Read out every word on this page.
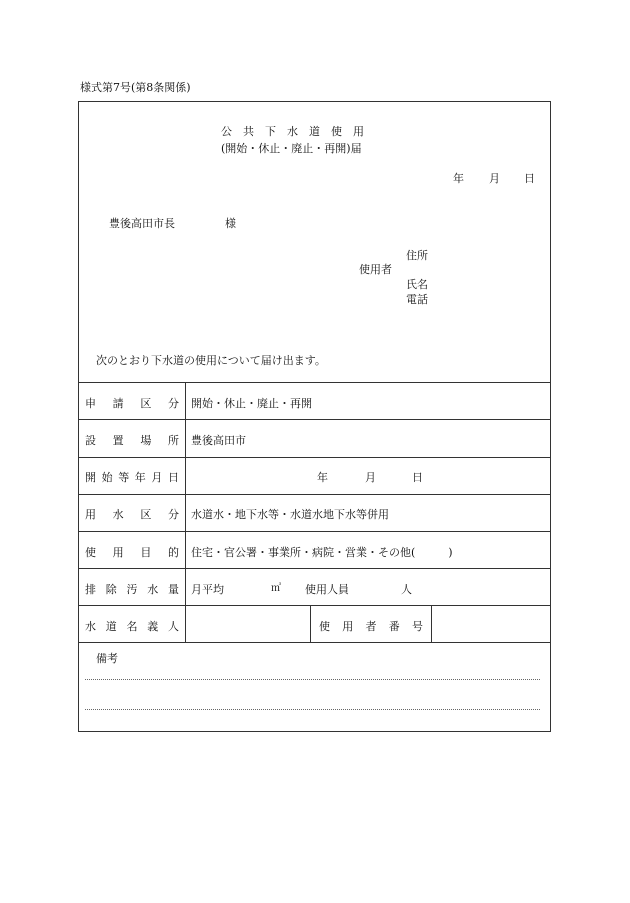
様式第7号(第8条関係)
公　共　下　水　道　使　用
(開始・休止・廃止・再開)届
年 月 日
豊後高田市長	様
住所
使用者
氏名
電話
次のとおり下水道の使用について届け出ます。
申 請 区 分 開始・休止・廃止・再開
設 置 場 所 豊後高田市
開 始 等 年 月 日	年	月	日
用 水 区 分 水道水・地下水等・水道水地下水等併用
使 用 目 的 住宅・官公署・事業所・病院・営業・その他(　　　)
排 除 汚 水 量 月平均	㎥ 使用人員	人
水 道 名 義 人	使 用 者 番 号
備考
